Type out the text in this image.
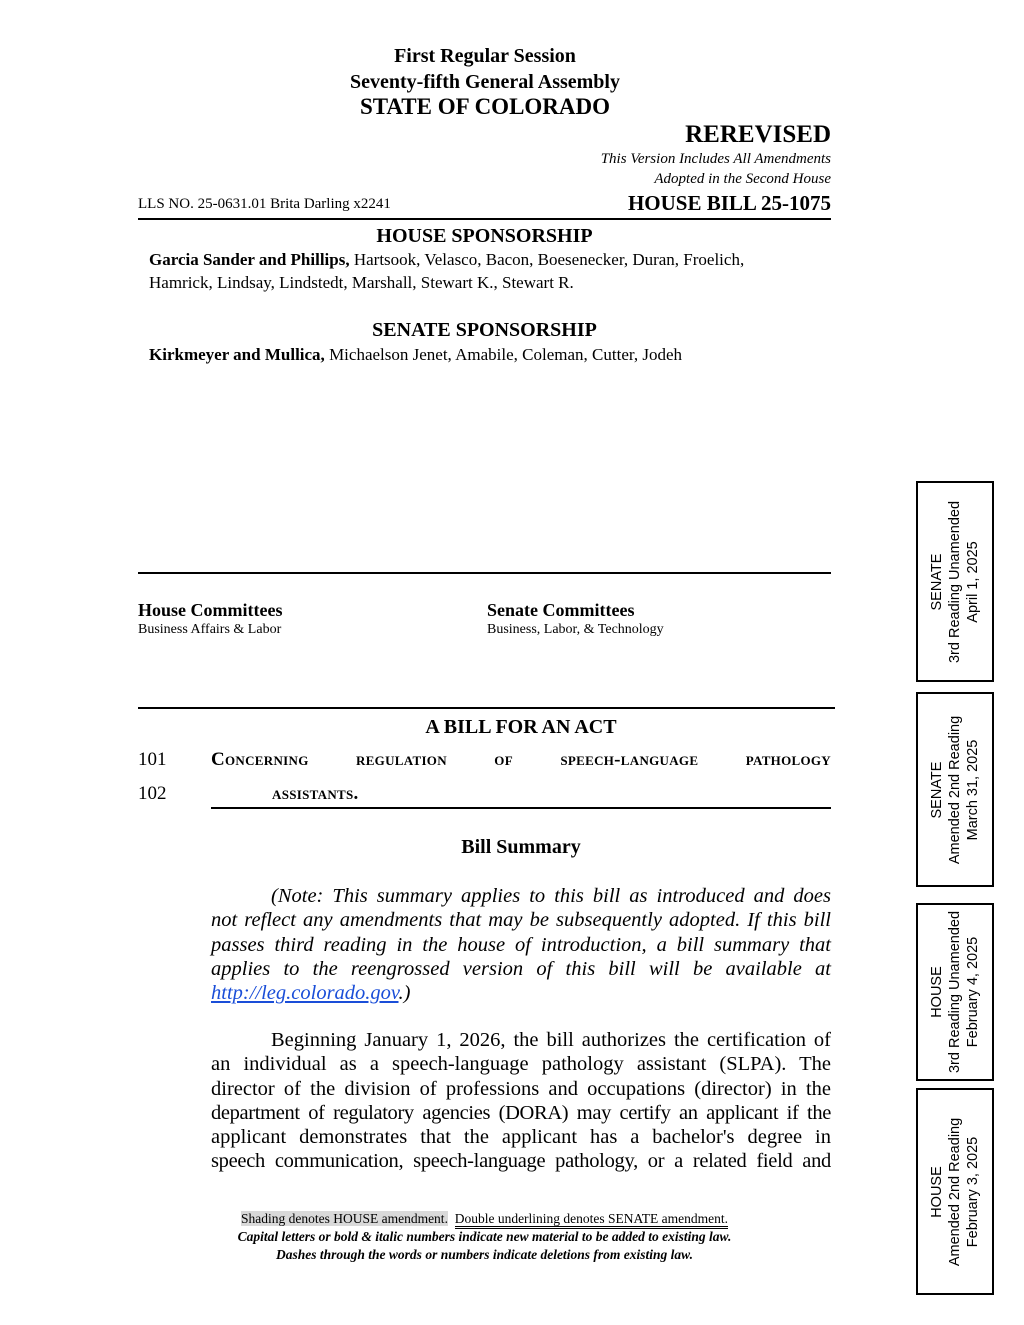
First Regular Session
Seventy-fifth General Assembly
STATE OF COLORADO
REREVISED
This Version Includes All Amendments
Adopted in the Second House
LLS NO. 25-0631.01 Brita Darling x2241	HOUSE BILL 25-1075
HOUSE SPONSORSHIP
Garcia Sander and Phillips, Hartsook, Velasco, Bacon, Boesenecker, Duran, Froelich,
Hamrick, Lindsay, Lindstedt, Marshall, Stewart K., Stewart R.
SENATE SPONSORSHIP
Kirkmeyer and Mullica, Michaelson Jenet, Amabile, Coleman, Cutter, Jodeh
House Committees
Business Affairs & Labor
Senate Committees
Business, Labor, & Technology
A BILL FOR AN ACT
101 Concerning regulation of speech-language pathology
102	assistants.
Bill Summary
(Note: This summary applies to this bill as introduced and does
not reflect any amendments that may be subsequently adopted. If this bill
passes third reading in the house of introduction, a bill summary that
applies to the reengrossed version of this bill will be available at
http://leg.colorado.gov.)
Beginning January 1, 2026, the bill authorizes the certification of
an individual as a speech-language pathology assistant (SLPA). The
director of the division of professions and occupations (director) in the
department of regulatory agencies (DORA) may certify an applicant if the
applicant demonstrates that the applicant has a bachelor's degree in
speech communication, speech-language pathology, or a related field and
Shading denotes HOUSE amendment. Double underlining denotes SENATE amendment.
Capital letters or bold & italic numbers indicate new material to be added to existing law.
Dashes through the words or numbers indicate deletions from existing law.
SENATE 3rd Reading Unamended April 1, 2025
SENATE Amended 2nd Reading March 31, 2025
HOUSE 3rd Reading Unamended February 4, 2025
HOUSE Amended 2nd Reading February 3, 2025
